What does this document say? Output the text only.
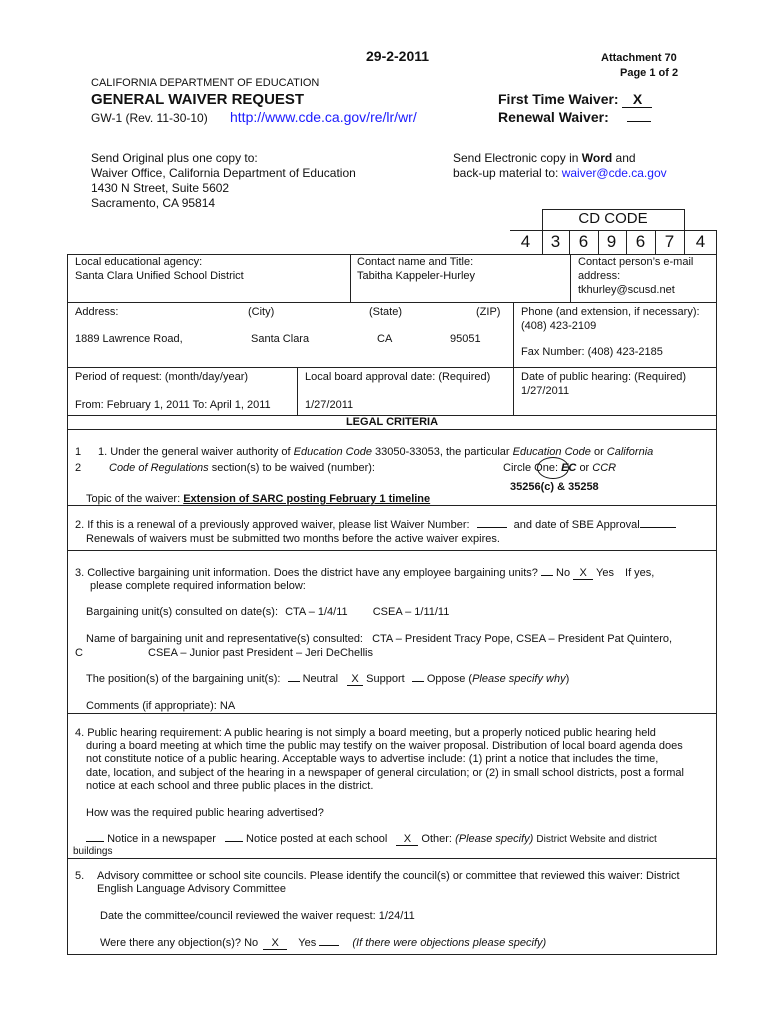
29-2-2011	Attachment 70
Page 1 of 2
CALIFORNIA DEPARTMENT OF EDUCATION
GENERAL WAIVER REQUEST
GW-1 (Rev. 11-30-10) http://www.cde.ca.gov/re/lr/wr/
First Time Waiver: X
Renewal Waiver:
Send Original plus one copy to:
Waiver Office, California Department of Education
1430 N Street, Suite 5602
Sacramento, CA 95814
Send Electronic copy in Word and
back-up material to: waiver@cde.ca.gov
CD CODE
4	3	6	9	6	7	4
Local educational agency:
Santa Clara Unified School District
Contact name and Title:
Tabitha Kappeler-Hurley
Contact person’s e-mail
address:
tkhurley@scusd.net
Address:	(City)	(State)	(ZIP)
1889 Lawrence Road,	Santa Clara	CA	95051
Phone (and extension, if necessary):
(408) 423-2109
Fax Number: (408) 423-2185
Period of request: (month/day/year)
From: February 1, 2011 To: April 1, 2011
Local board approval date: (Required)
1/27/2011
Date of public hearing: (Required)
1/27/2011
LEGAL CRITERIA
1
2
1. Under the general waiver authority of Education Code 33050-33053, the particular Education Code or California
Code of Regulations section(s) to be waived (number):	Circle One: EC or CCR
35256(c) & 35258
Topic of the waiver: Extension of SARC posting February 1 timeline
2. If this is a renewal of a previously approved waiver, please list Waiver Number:	and date of SBE Approval
Renewals of waivers must be submitted two months before the active waiver expires.
3. Collective bargaining unit information. Does the district have any employee bargaining units? No X Yes If yes,
please complete required information below:
Bargaining unit(s) consulted on date(s): CTA – 1/4/11 CSEA – 1/11/11
Name of bargaining unit and representative(s) consulted: CTA – President Tracy Pope, CSEA – President Pat Quintero,
C	CSEA – Junior past President – Jeri DeChellis
The position(s) of the bargaining unit(s): Neutral X Support Oppose (Please specify why)
Comments (if appropriate): NA
4. Public hearing requirement: A public hearing is not simply a board meeting, but a properly noticed public hearing held
during a board meeting at which time the public may testify on the waiver proposal. Distribution of local board agenda does
not constitute notice of a public hearing. Acceptable ways to advertise include: (1) print a notice that includes the time,
date, location, and subject of the hearing in a newspaper of general circulation; or (2) in small school districts, post a formal
notice at each school and three public places in the district.
How was the required public hearing advertised?
Notice in a newspaper	Notice posted at each school X Other: (Please specify) District Website and district
buildings
5. Advisory committee or school site councils. Please identify the council(s) or committee that reviewed this waiver: District
English Language Advisory Committee
Date the committee/council reviewed the waiver request: 1/24/11
Were there any objection(s)? No X Yes	(If there were objections please specify)
